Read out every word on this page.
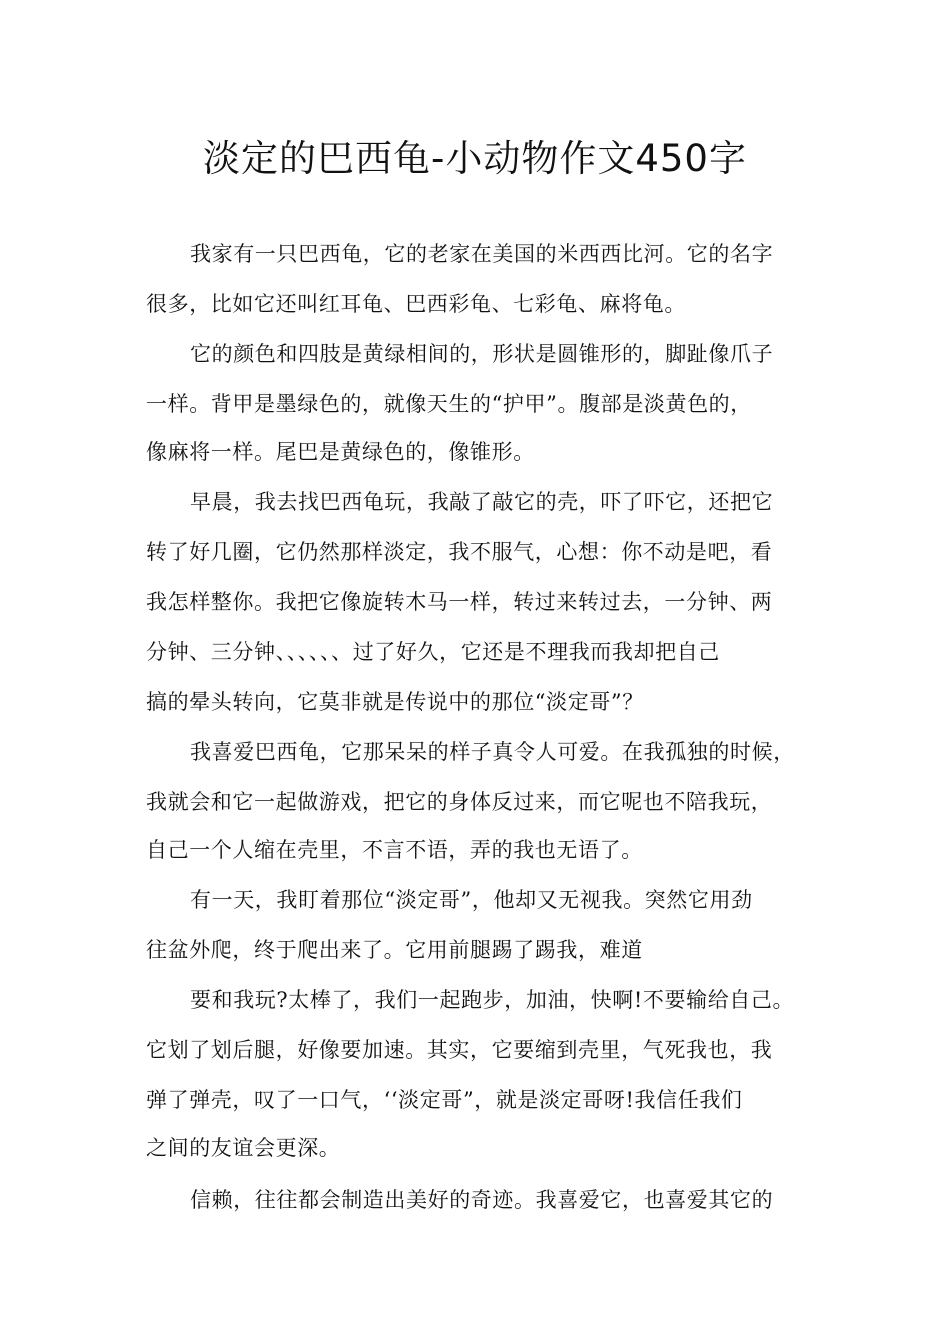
淡定的巴西龟-小动物作文450字
我家有一只巴西龟，它的老家在美国的米西西比河。它的名字
很多，比如它还叫红耳龟、巴西彩龟、七彩龟、麻将龟。
它的颜色和四肢是黄绿相间的，形状是圆锥形的，脚趾像爪子
一样。背甲是墨绿色的，就像天生的“护甲”。腹部是淡黄色的，
像麻将一样。尾巴是黄绿色的，像锥形。
早晨，我去找巴西龟玩，我敲了敲它的壳，吓了吓它，还把它
转了好几圈，它仍然那样淡定，我不服气，心想：你不动是吧，看
我怎样整你。我把它像旋转木马一样，转过来转过去，一分钟、两
分钟、三分钟、、、、、、过了好久，它还是不理我而我却把自己
搞的晕头转向，它莫非就是传说中的那位“淡定哥”？
我喜爱巴西龟，它那呆呆的样子真令人可爱。在我孤独的时候，
我就会和它一起做游戏，把它的身体反过来，而它呢也不陪我玩，
自己一个人缩在壳里，不言不语，弄的我也无语了。
有一天，我盯着那位“淡定哥”，他却又无视我。突然它用劲
往盆外爬，终于爬出来了。它用前腿踢了踢我，难道
要和我玩?太棒了，我们一起跑步，加油，快啊!不要输给自己。
它划了划后腿，好像要加速。其实，它要缩到壳里，气死我也，我
弹了弹壳，叹了一口气，‘‘淡定哥”，就是淡定哥呀!我信任我们
之间的友谊会更深。
信赖，往往都会制造出美好的奇迹。我喜爱它，也喜爱其它的
